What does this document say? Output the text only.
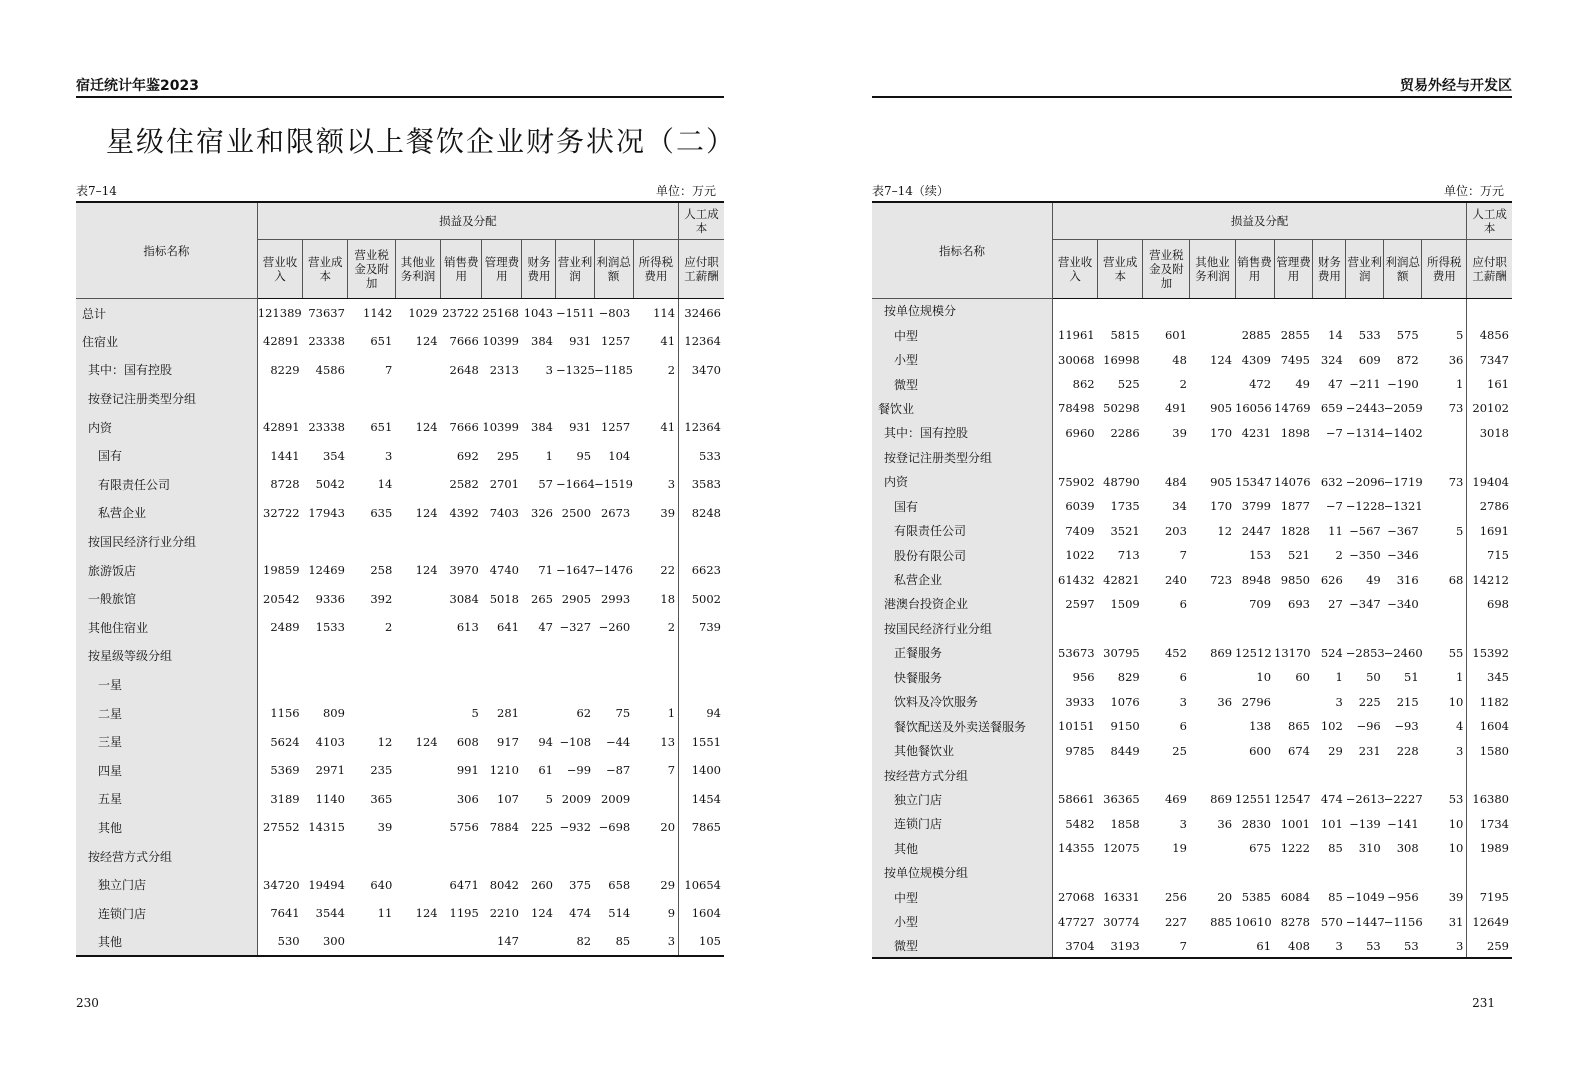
宿迁统计年鉴2023
星级住宿业和限额以上餐饮企业财务状况（二）
表7–14	单位：万元
指标名称	损益及分配										人工成本
	营业收入	营业成本	营业税金及附加	其他业务利润	销售费用	管理费用	财务费用	营业利润	利润总额	所得税费用	应付职工薪酬
总计	121389	73637	1142	1029	23722	25168	1043	−1511	−803	114	32466
住宿业	42891	23338	651	124	7666	10399	384	931	1257	41	12364
其中：国有控股	8229	4586	7		2648	2313	3	−1325	−1185	2	3470
按登记注册类型分组											
内资	42891	23338	651	124	7666	10399	384	931	1257	41	12364
国有	1441	354	3		692	295	1	95	104		533
有限责任公司	8728	5042	14		2582	2701	57	−1664	−1519	3	3583
私营企业	32722	17943	635	124	4392	7403	326	2500	2673	39	8248
按国民经济行业分组											
旅游饭店	19859	12469	258	124	3970	4740	71	−1647	−1476	22	6623
一般旅馆	20542	9336	392		3084	5018	265	2905	2993	18	5002
其他住宿业	2489	1533	2		613	641	47	−327	−260	2	739
按星级等级分组											
一星											
二星	1156	809			5	281		62	75	1	94
三星	5624	4103	12	124	608	917	94	−108	−44	13	1551
四星	5369	2971	235		991	1210	61	−99	−87	7	1400
五星	3189	1140	365		306	107	5	2009	2009		1454
其他	27552	14315	39		5756	7884	225	−932	−698	20	7865
按经营方式分组											
独立门店	34720	19494	640		6471	8042	260	375	658	29	10654
连锁门店	7641	3544	11	124	1195	2210	124	474	514	9	1604
其他	530	300				147		82	85	3	105
230
贸易外经与开发区
表7–14（续）	单位：万元
指标名称	损益及分配										人工成本
	营业收入	营业成本	营业税金及附加	其他业务利润	销售费用	管理费用	财务费用	营业利润	利润总额	所得税费用	应付职工薪酬
按单位规模分											
中型	11961	5815	601		2885	2855	14	533	575	5	4856
小型	30068	16998	48	124	4309	7495	324	609	872	36	7347
微型	862	525	2		472	49	47	−211	−190	1	161
餐饮业	78498	50298	491	905	16056	14769	659	−2443	−2059	73	20102
其中：国有控股	6960	2286	39	170	4231	1898	−7	−1314	−1402		3018
按登记注册类型分组											
内资	75902	48790	484	905	15347	14076	632	−2096	−1719	73	19404
国有	6039	1735	34	170	3799	1877	−7	−1228	−1321		2786
有限责任公司	7409	3521	203	12	2447	1828	11	−567	−367	5	1691
股份有限公司	1022	713	7		153	521	2	−350	−346		715
私营企业	61432	42821	240	723	8948	9850	626	49	316	68	14212
港澳台投资企业	2597	1509	6		709	693	27	−347	−340		698
按国民经济行业分组											
正餐服务	53673	30795	452	869	12512	13170	524	−2853	−2460	55	15392
快餐服务	956	829	6		10	60	1	50	51	1	345
饮料及冷饮服务	3933	1076	3	36	2796		3	225	215	10	1182
餐饮配送及外卖送餐服务	10151	9150	6		138	865	102	−96	−93	4	1604
其他餐饮业	9785	8449	25		600	674	29	231	228	3	1580
按经营方式分组											
独立门店	58661	36365	469	869	12551	12547	474	−2613	−2227	53	16380
连锁门店	5482	1858	3	36	2830	1001	101	−139	−141	10	1734
其他	14355	12075	19		675	1222	85	310	308	10	1989
按单位规模分组											
中型	27068	16331	256	20	5385	6084	85	−1049	−956	39	7195
小型	47727	30774	227	885	10610	8278	570	−1447	−1156	31	12649
微型	3704	3193	7		61	408	3	53	53	3	259
231
